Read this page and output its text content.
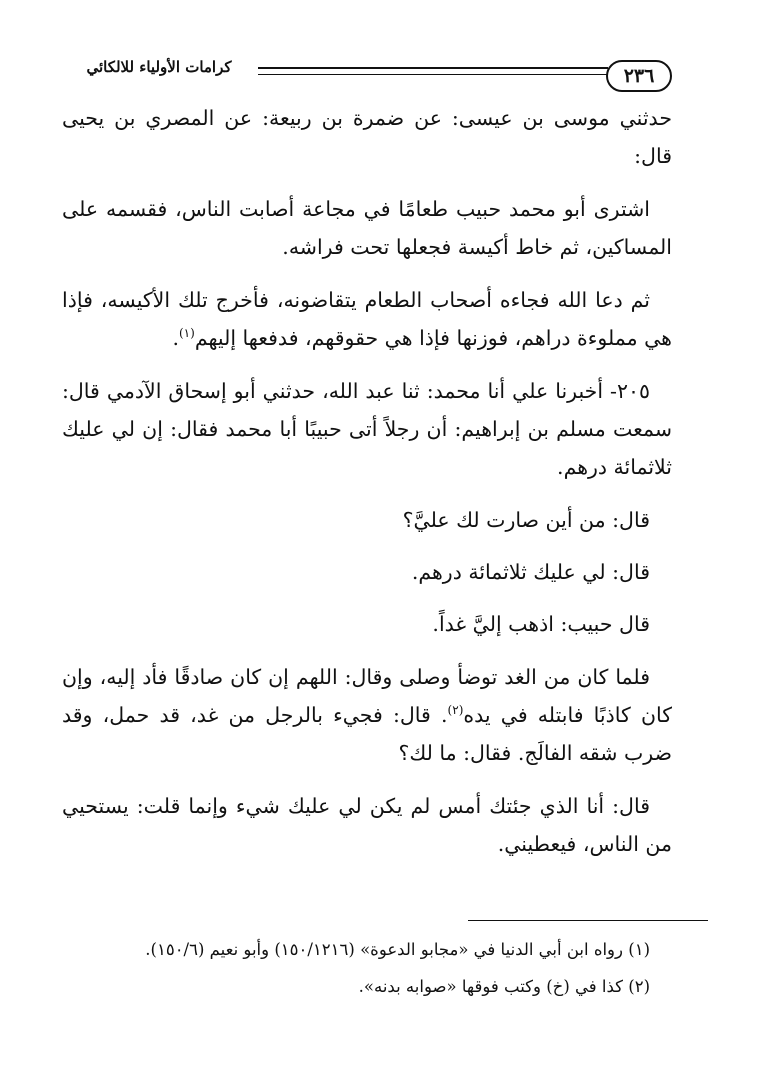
٢٣٦
كرامات الأولياء للالكائي

حدثني موسى بن عيسى: عن ضمرة بن ربيعة: عن المصري بن يحيى قال:

اشترى أبو محمد حبيب طعامًا في مجاعة أصابت الناس، فقسمه على المساكين، ثم خاط أكيسة فجعلها تحت فراشه.

ثم دعا الله فجاءه أصحاب الطعام يتقاضونه، فأخرج تلك الأكيسه، فإذا هي مملوءة دراهم، فوزنها فإذا هي حقوقهم، فدفعها إليهم$^{(١)}$.

٢٠٥- أخبرنا علي أنا محمد: ثنا عبد الله، حدثني أبو إسحاق الآدمي قال: سمعت مسلم بن إبراهيم: أن رجلاً أتى حبيبًا أبا محمد فقال: إن لي عليك ثلاثمائة درهم.

قال: من أين صارت لك عليَّ؟

قال: لي عليك ثلاثمائة درهم.

قال حبيب: اذهب إليَّ غداً.

فلما كان من الغد توضأ وصلى وقال: اللهم إن كان صادقًا فأد إليه، وإن كان كاذبًا فابتله في يده$^{(٢)}$. قال: فجيء بالرجل من غد، قد حمل، وقد ضرب شقه الفالَج. فقال: ما لك؟

قال: أنا الذي جئتك أمس لم يكن لي عليك شيء وإنما قلت: يستحيي من الناس، فيعطيني.

(١) رواه ابن أبي الدنيا في «مجابو الدعوة» (١٥٠/١٢١٦) وأبو نعيم (١٥٠/٦).

(٢) كذا في (خ) وكتب فوقها «صوابه بدنه».
